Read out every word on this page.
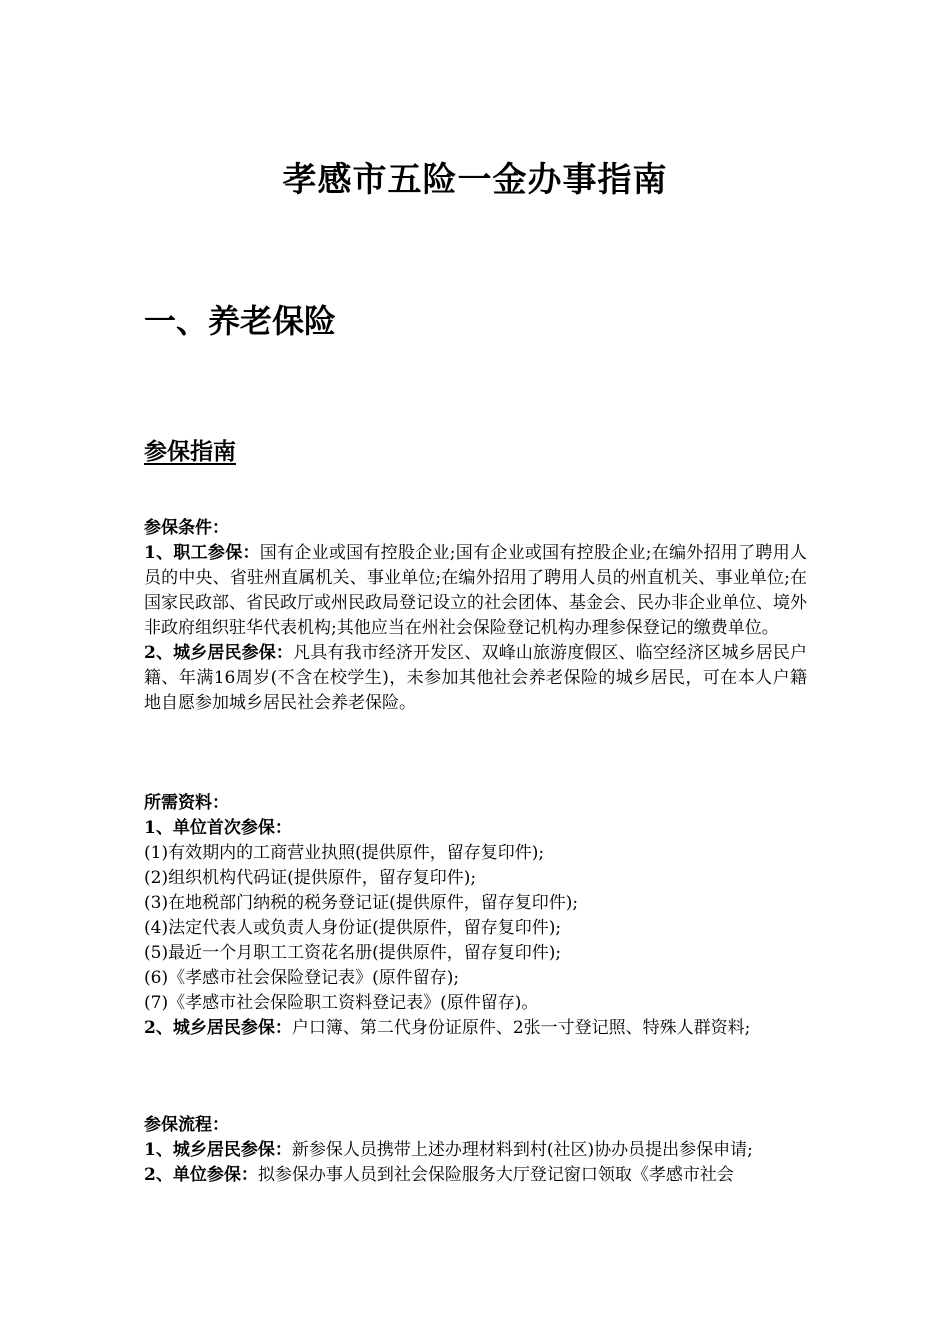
孝感市五险一金办事指南
一、养老保险
参保指南

参保条件：

1、职工参保：国有企业或国有控股企业;国有企业或国有控股企业;在编外招用了聘用人员的中央、省驻州直属机关、事业单位;在编外招用了聘用人员的州直机关、事业单位;在国家民政部、省民政厅或州民政局登记设立的社会团体、基金会、民办非企业单位、境外非政府组织驻华代表机构;其他应当在州社会保险登记机构办理参保登记的缴费单位。

2、城乡居民参保：凡具有我市经济开发区、双峰山旅游度假区、临空经济区城乡居民户籍、年满16周岁(不含在校学生)，未参加其他社会养老保险的城乡居民，可在本人户籍地自愿参加城乡居民社会养老保险。

所需资料：

1、单位首次参保：

(1)有效期内的工商营业执照(提供原件，留存复印件);

(2)组织机构代码证(提供原件，留存复印件);

(3)在地税部门纳税的税务登记证(提供原件，留存复印件);

(4)法定代表人或负责人身份证(提供原件，留存复印件);

(5)最近一个月职工工资花名册(提供原件，留存复印件);

(6)《孝感市社会保险登记表》(原件留存);

(7)《孝感市社会保险职工资料登记表》(原件留存)。

2、城乡居民参保：户口簿、第二代身份证原件、2张一寸登记照、特殊人群资料;

参保流程：

1、城乡居民参保：新参保人员携带上述办理材料到村(社区)协办员提出参保申请;

2、单位参保：拟参保办事人员到社会保险服务大厅登记窗口领取《孝感市社会
